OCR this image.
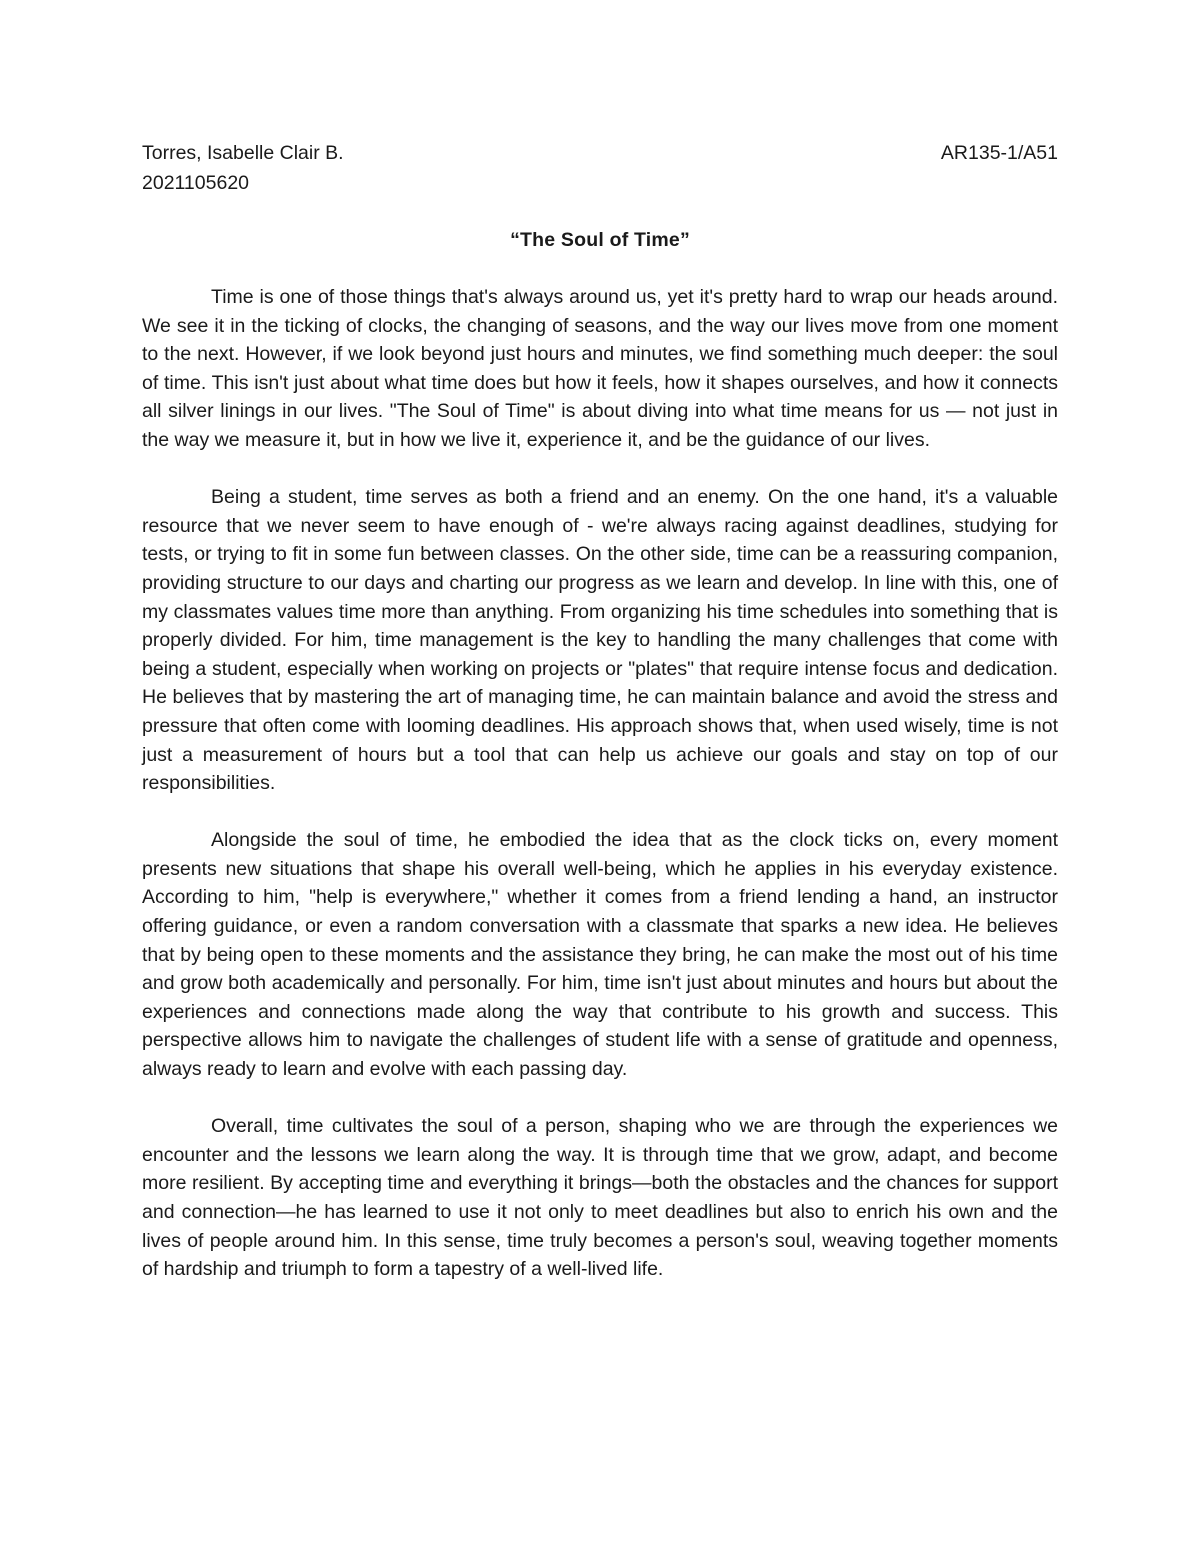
Torres, Isabelle Clair B.	AR135-1/A51
2021105620
“The Soul of Time”

Time is one of those things that's always around us, yet it's pretty hard to wrap our heads around. We see it in the ticking of clocks, the changing of seasons, and the way our lives move from one moment to the next. However, if we look beyond just hours and minutes, we find something much deeper: the soul of time. This isn't just about what time does but how it feels, how it shapes ourselves, and how it connects all silver linings in our lives. "The Soul of Time" is about diving into what time means for us — not just in the way we measure it, but in how we live it, experience it, and be the guidance of our lives.

Being a student, time serves as both a friend and an enemy. On the one hand, it's a valuable resource that we never seem to have enough of - we're always racing against deadlines, studying for tests, or trying to fit in some fun between classes. On the other side, time can be a reassuring companion, providing structure to our days and charting our progress as we learn and develop. In line with this, one of my classmates values time more than anything. From organizing his time schedules into something that is properly divided. For him, time management is the key to handling the many challenges that come with being a student, especially when working on projects or "plates" that require intense focus and dedication. He believes that by mastering the art of managing time, he can maintain balance and avoid the stress and pressure that often come with looming deadlines. His approach shows that, when used wisely, time is not just a measurement of hours but a tool that can help us achieve our goals and stay on top of our responsibilities.

Alongside the soul of time, he embodied the idea that as the clock ticks on, every moment presents new situations that shape his overall well-being, which he applies in his everyday existence. According to him, "help is everywhere," whether it comes from a friend lending a hand, an instructor offering guidance, or even a random conversation with a classmate that sparks a new idea. He believes that by being open to these moments and the assistance they bring, he can make the most out of his time and grow both academically and personally. For him, time isn't just about minutes and hours but about the experiences and connections made along the way that contribute to his growth and success. This perspective allows him to navigate the challenges of student life with a sense of gratitude and openness, always ready to learn and evolve with each passing day.

Overall, time cultivates the soul of a person, shaping who we are through the experiences we encounter and the lessons we learn along the way. It is through time that we grow, adapt, and become more resilient. By accepting time and everything it brings—both the obstacles and the chances for support and connection—he has learned to use it not only to meet deadlines but also to enrich his own and the lives of people around him. In this sense, time truly becomes a person's soul, weaving together moments of hardship and triumph to form a tapestry of a well-lived life.
